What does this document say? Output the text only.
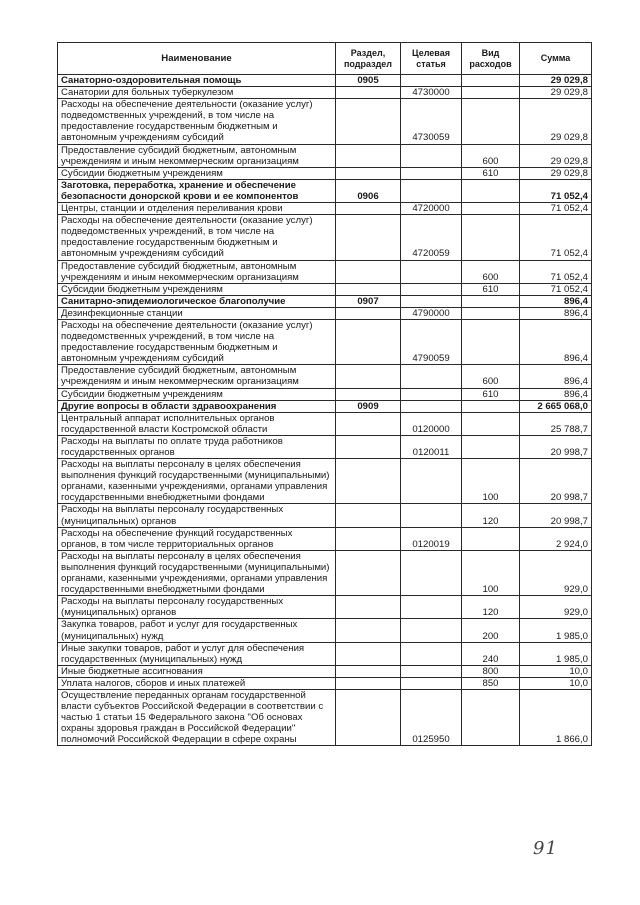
Наименование	Раздел, подраздел	Целевая статья	Вид расходов	Сумма
Санаторно-оздоровительная помощь	0905			29 029,8
Санатории для больных туберкулезом		4730000		29 029,8
Расходы на обеспечение деятельности (оказание услуг) подведомственных учреждений, в том числе на предоставление государственным бюджетным и автономным учреждениям субсидий		4730059		29 029,8
Предоставление субсидий бюджетным, автономным учреждениям и иным некоммерческим организациям			600	29 029,8
Субсидии бюджетным учреждениям			610	29 029,8
Заготовка, переработка, хранение и обеспечение безопасности донорской крови и ее компонентов	0906			71 052,4
Центры, станции и отделения переливания крови		4720000		71 052,4
Расходы на обеспечение деятельности (оказание услуг) подведомственных учреждений, в том числе на предоставление государственным бюджетным и автономным учреждениям субсидий		4720059		71 052,4
Предоставление субсидий бюджетным, автономным учреждениям и иным некоммерческим организациям			600	71 052,4
Субсидии бюджетным учреждениям			610	71 052,4
Санитарно-эпидемиологическое благополучие	0907			896,4
Дезинфекционные станции		4790000		896,4
Расходы на обеспечение деятельности (оказание услуг) подведомственных учреждений, в том числе на предоставление государственным бюджетным и автономным учреждениям субсидий		4790059		896,4
Предоставление субсидий бюджетным, автономным учреждениям и иным некоммерческим организациям			600	896,4
Субсидии бюджетным учреждениям			610	896,4
Другие вопросы в области здравоохранения	0909			2 665 068,0
Центральный аппарат исполнительных органов государственной власти Костромской области		0120000		25 788,7
Расходы на выплаты по оплате труда работников государственных органов		0120011		20 998,7
Расходы на выплаты персоналу в целях обеспечения выполнения функций государственными (муниципальными) органами, казенными учреждениями, органами управления государственными внебюджетными фондами			100	20 998,7
Расходы на выплаты персоналу государственных (муниципальных) органов			120	20 998,7
Расходы на обеспечение функций государственных органов, в том числе территориальных органов		0120019		2 924,0
Расходы на выплаты персоналу в целях обеспечения выполнения функций государственными (муниципальными) органами, казенными учреждениями, органами управления государственными внебюджетными фондами			100	929,0
Расходы на выплаты персоналу государственных (муниципальных) органов			120	929,0
Закупка товаров, работ и услуг для государственных (муниципальных) нужд			200	1 985,0
Иные закупки товаров, работ и услуг для обеспечения государственных (муниципальных) нужд			240	1 985,0
Иные бюджетные ассигнования			800	10,0
Уплата налогов, сборов и иных платежей			850	10,0
Осуществление переданных органам государственной власти субъектов Российской Федерации в соответствии с частью 1 статьи 15 Федерального закона "Об основах охраны здоровья граждан в Российской Федерации" полномочий Российской Федерации в сфере охраны		0125950		1 866,0
91
